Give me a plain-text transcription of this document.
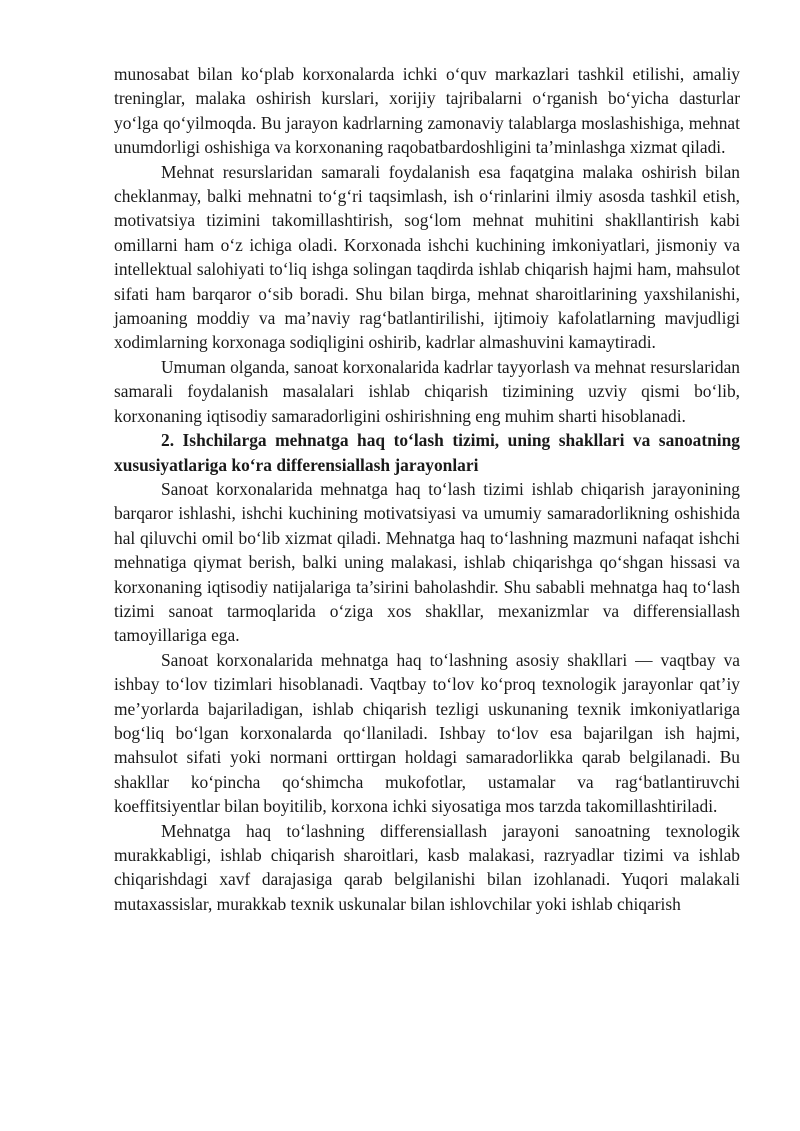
munosabat bilan ko‘plab korxonalarda ichki o‘quv markazlari tashkil etilishi, amaliy treninglar, malaka oshirish kurslari, xorijiy tajribalarni o‘rganish bo‘yicha dasturlar yo‘lga qo‘yilmoqda. Bu jarayon kadrlarning zamonaviy talablarga moslashishiga, mehnat unumdorligi oshishiga va korxonaning raqobatbardoshligini ta’minlashga xizmat qiladi.

Mehnat resurslaridan samarali foydalanish esa faqatgina malaka oshirish bilan cheklanmay, balki mehnatni to‘g‘ri taqsimlash, ish o‘rinlarini ilmiy asosda tashkil etish, motivatsiya tizimini takomillashtirish, sog‘lom mehnat muhitini shakllantirish kabi omillarni ham o‘z ichiga oladi. Korxonada ishchi kuchining imkoniyatlari, jismoniy va intellektual salohiyati to‘liq ishga solingan taqdirda ishlab chiqarish hajmi ham, mahsulot sifati ham barqaror o‘sib boradi. Shu bilan birga, mehnat sharoitlarining yaxshilanishi, jamoaning moddiy va ma’naviy rag‘batlantirilishi, ijtimoiy kafolatlarning mavjudligi xodimlarning korxonaga sodiqligini oshirib, kadrlar almashuvini kamaytiradi.

Umuman olganda, sanoat korxonalarida kadrlar tayyorlash va mehnat resurslaridan samarali foydalanish masalalari ishlab chiqarish tizimining uzviy qismi bo‘lib, korxonaning iqtisodiy samaradorligini oshirishning eng muhim sharti hisoblanadi.

2. Ishchilarga mehnatga haq to‘lash tizimi, uning shakllari va sanoatning xususiyatlariga ko‘ra differensiallash jarayonlari

Sanoat korxonalarida mehnatga haq to‘lash tizimi ishlab chiqarish jarayonining barqaror ishlashi, ishchi kuchining motivatsiyasi va umumiy samaradorlikning oshishida hal qiluvchi omil bo‘lib xizmat qiladi. Mehnatga haq to‘lashning mazmuni nafaqat ishchi mehnatiga qiymat berish, balki uning malakasi, ishlab chiqarishga qo‘shgan hissasi va korxonaning iqtisodiy natijalariga ta’sirini baholashdir. Shu sababli mehnatga haq to‘lash tizimi sanoat tarmoqlarida o‘ziga xos shakllar, mexanizmlar va differensiallash tamoyillariga ega.

Sanoat korxonalarida mehnatga haq to‘lashning asosiy shakllari — vaqtbay va ishbay to‘lov tizimlari hisoblanadi. Vaqtbay to‘lov ko‘proq texnologik jarayonlar qat’iy me’yorlarda bajariladigan, ishlab chiqarish tezligi uskunaning texnik imkoniyatlariga bog‘liq bo‘lgan korxonalarda qo‘llaniladi. Ishbay to‘lov esa bajarilgan ish hajmi, mahsulot sifati yoki normani orttirgan holdagi samaradorlikka qarab belgilanadi. Bu shakllar ko‘pincha qo‘shimcha mukofotlar, ustamalar va rag‘batlantiruvchi koeffitsiyentlar bilan boyitilib, korxona ichki siyosatiga mos tarzda takomillashtiriladi.

Mehnatga haq to‘lashning differensiallash jarayoni sanoatning texnologik murakkabligi, ishlab chiqarish sharoitlari, kasb malakasi, razryadlar tizimi va ishlab chiqarishdagi xavf darajasiga qarab belgilanishi bilan izohlanadi. Yuqori malakali mutaxassislar, murakkab texnik uskunalar bilan ishlovchilar yoki ishlab chiqarish
